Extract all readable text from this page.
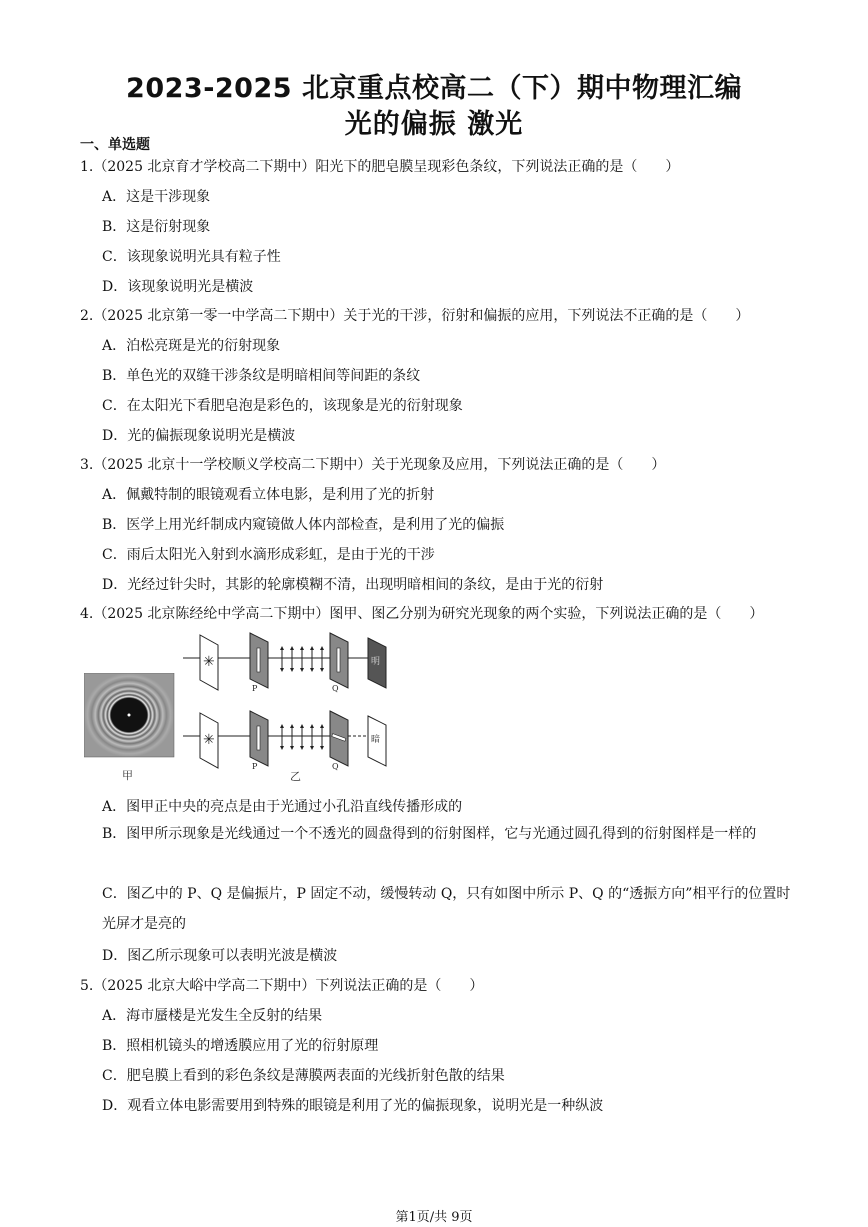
2023-2025 北京重点校高二（下）期中物理汇编
光的偏振 激光
一、单选题
1.（2025 北京育才学校高二下期中）阳光下的肥皂膜呈现彩色条纹，下列说法正确的是（　　）
A．这是干涉现象
B．这是衍射现象
C．该现象说明光具有粒子性
D．该现象说明光是横波
2.（2025 北京第一零一中学高二下期中）关于光的干涉，衍射和偏振的应用，下列说法不正确的是（　　）
A．泊松亮斑是光的衍射现象
B．单色光的双缝干涉条纹是明暗相间等间距的条纹
C．在太阳光下看肥皂泡是彩色的，该现象是光的衍射现象
D．光的偏振现象说明光是横波
3.（2025 北京十一学校顺义学校高二下期中）关于光现象及应用，下列说法正确的是（　　）
A．佩戴特制的眼镜观看立体电影，是利用了光的折射
B．医学上用光纤制成内窥镜做人体内部检查，是利用了光的偏振
C．雨后太阳光入射到水滴形成彩虹，是由于光的干涉
D．光经过针尖时，其影的轮廓模糊不清，出现明暗相间的条纹，是由于光的衍射
4.（2025 北京陈经纶中学高二下期中）图甲、图乙分别为研究光现象的两个实验，下列说法正确的是（　　）
甲
✳
P	Q
明
✳
P	Q
暗
乙
A．图甲正中央的亮点是由于光通过小孔沿直线传播形成的
B．图甲所示现象是光线通过一个不透光的圆盘得到的衍射图样，它与光通过圆孔得到的衍射图样是一样的
C．图乙中的 P、Q 是偏振片，P 固定不动，缓慢转动 Q，只有如图中所示 P、Q 的“透振方向”相平行的位置时光屏才是亮的
D．图乙所示现象可以表明光波是横波
5.（2025 北京大峪中学高二下期中）下列说法正确的是（　　）
A．海市蜃楼是光发生全反射的结果
B．照相机镜头的增透膜应用了光的衍射原理
C．肥皂膜上看到的彩色条纹是薄膜两表面的光线折射色散的结果
D．观看立体电影需要用到特殊的眼镜是利用了光的偏振现象，说明光是一种纵波
第1页/共 9页
